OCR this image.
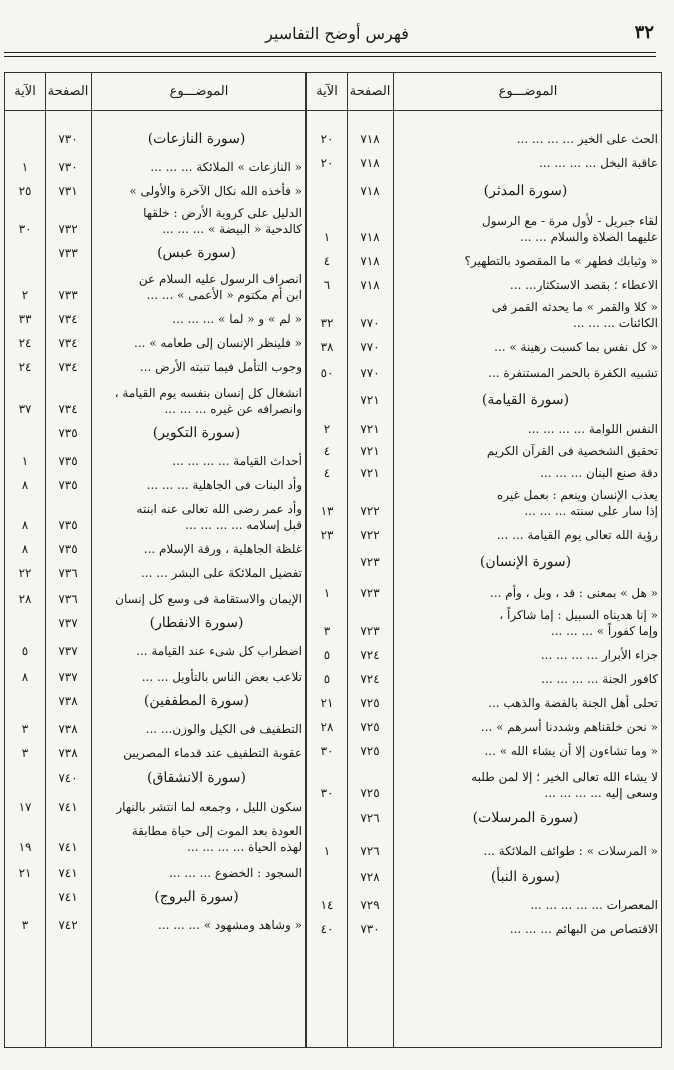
٣٢
فهرس أوضح التفاسير
الموضـــوع
الصفحة
الآية
الحث على الخير ... ... ... ...
٧١٨
٢٠
عاقبة البخل ... ... ... ...
٧١٨
٢٠
(سورة المدثر)
٧١٨
لقاء جبريل - لأول مرة - مع الرسول
عليهما الصلاة والسلام ... ...
٧١٨
١
« وثيابك فطهر » ما المقصود بالتطهير؟
٧١٨
٤
الاعطاء ؛ بقصد الاستكثار... ...
٧١٨
٦
« كلا والقمر » ما يحدثه القمر فى
الكائنات ... ... ...
٧٧٠
٣٢
« كل نفس بما كسبت رهينة » ...
٧٧٠
٣٨
تشبيه الكفرة بالحمر المستنفرة ...
٧٧٠
٥٠
(سورة القيامة)
٧٢١
النفس اللوامة ... ... ... ...
٧٢١
٢
تحقيق الشخصية فى القرآن الكريم
٧٢١
٤
دقة صنع البنان ... ... ...
٧٢١
٤
يعذب الإنسان وينعم : بعمل غيره
إذا سار على سنته ... ... ...
٧٢٢
١٣
رؤية الله تعالى يوم القيامة ... ...
٧٢٢
٢٣
(سورة الإنسان)
٧٢٣
« هل » بمعنى : قد ، وبل ، وأم ...
٧٢٣
١
« إنا هديناه السبيل : إما شاكراً ،
وإما كفوراً » ... ... ...
٧٢٣
٣
جزاء الأبرار ... ... ... ...
٧٢٤
٥
كافور الجنة ... ... ... ...
٧٢٤
٥
تحلى أهل الجنة بالفضة والذهب ...
٧٢٥
٢١
« نحن خلقناهم وشددنا أسرهم » ...
٧٢٥
٢٨
« وما تشاءون إلا أن يشاء الله » ...
٧٢٥
٣٠
لا يشاء الله تعالى الخير ؛ إلا لمن طلبه
وسعى إليه ... ... ... ...
٧٢٥
٣٠
(سورة المرسلات)
٧٢٦
« المرسلات » : طوائف الملائكة ...
٧٢٦
١
(سورة النبأ)
٧٢٨
المعصرات ... ... ... ... ...
٧٢٩
١٤
الاقتصاص من البهائم ... ... ...
٧٣٠
٤٠
الموضـــوع
الصفحة
الآية
(سورة النازعات)
٧٣٠
« النازعات » الملائكة ... ... ...
٧٣٠
١
« فأخذه الله نكال الآخرة والأولى »
٧٣١
٢٥
الدليل على كروية الأرض : خلقها
كالدحية « البيضة » ... ... ...
٧٣٢
٣٠
(سورة عبس)
٧٣٣
انصراف الرسول عليه السلام عن
ابن أم مكتوم « الأعمى » ... ...
٧٣٣
٢
« لم » و « لما » ... ... ...
٧٣٤
٣٣
« فلينظر الإنسان إلى طعامه » ...
٧٣٤
٢٤
وجوب التأمل فيما تنبته الأرض ...
٧٣٤
٢٤
انشغال كل إنسان بنفسه يوم القيامة ،
وانصرافه عن غيره ... ... ...
٧٣٤
٣٧
(سورة التكوير)
٧٣٥
أحداث القيامة ... ... ... ...
٧٣٥
١
وأد البنات فى الجاهلية ... ... ...
٧٣٥
٨
وأد عمر رضى الله تعالى عنه ابنته
قبل إسلامه ... ... ... ...
٧٣٥
٨
غلظة الجاهلية ، ورقة الإسلام ...
٧٣٥
٨
تفضيل الملائكة على البشر ... ...
٧٣٦
٢٢
الإيمان والاستقامة فى وسع كل إنسان
٧٣٦
٢٨
(سورة الانفطار)
٧٣٧
اضطراب كل شىء عند القيامة ...
٧٣٧
٥
تلاعب بعض الناس بالتأويل ... ...
٧٣٧
٨
(سورة المطففين)
٧٣٨
التطفيف فى الكيل والوزن... ...
٧٣٨
٣
عقوبة التطفيف عند قدماء المصريين
٧٣٨
٣
(سورة الانشقاق)
٧٤٠
سكون الليل ، وجمعه لما انتشر بالنهار
٧٤١
١٧
العودة بعد الموت إلى حياة مطابقة
لهذه الحياة ... ... ... ...
٧٤١
١٩
السجود : الخضوع ... ... ...
٧٤١
٢١
(سورة البروج)
٧٤١
« وشاهد ومشهود » ... ... ...
٧٤٢
٣
